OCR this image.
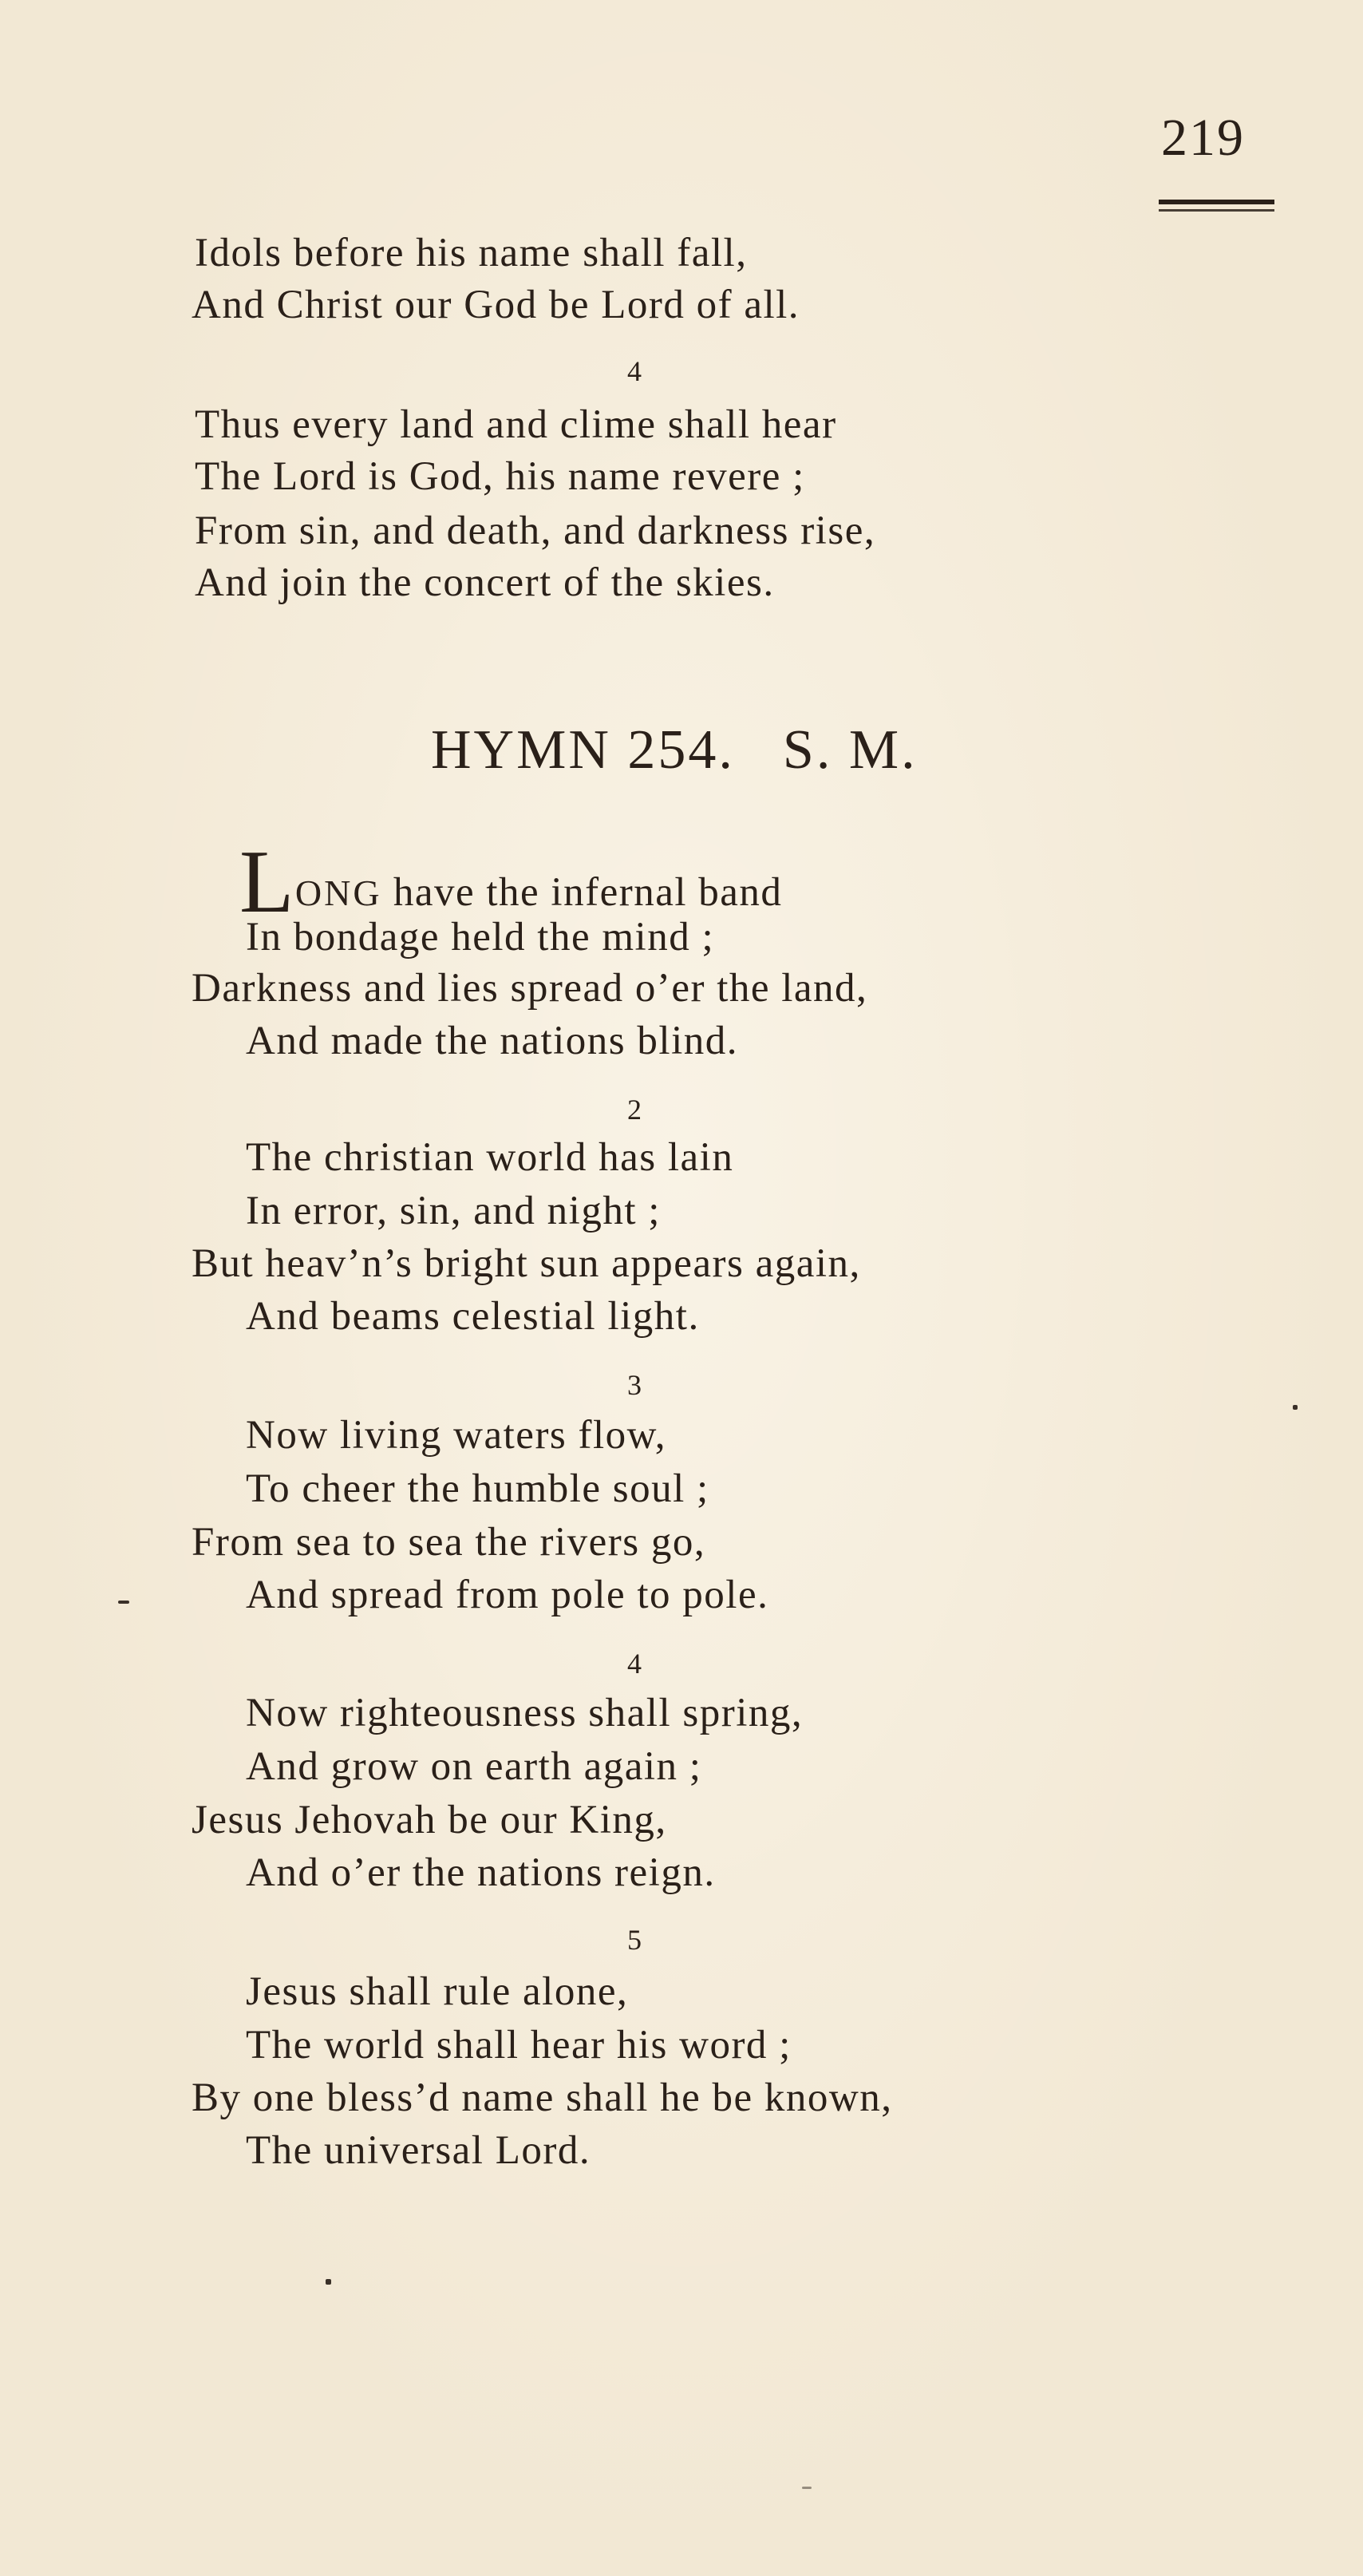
219
Idols before his name shall fall,
And Christ our God be Lord of all.
4
Thus every land and clime shall hear
The Lord is God, his name revere ;
From sin, and death, and darkness rise,
And join the concert of the skies.
HYMN 254. S. M.
LONG have the infernal band
In bondage held the mind ;
Darkness and lies spread o’er the land,
And made the nations blind.
2
The christian world has lain
In error, sin, and night ;
But heav’n’s bright sun appears again,
And beams celestial light.
3
Now living waters flow,
To cheer the humble soul ;
From sea to sea the rivers go,
And spread from pole to pole.
4
Now righteousness shall spring,
And grow on earth again ;
Jesus Jehovah be our King,
And o’er the nations reign.
5
Jesus shall rule alone,
The world shall hear his word ;
By one bless’d name shall he be known,
The universal Lord.
